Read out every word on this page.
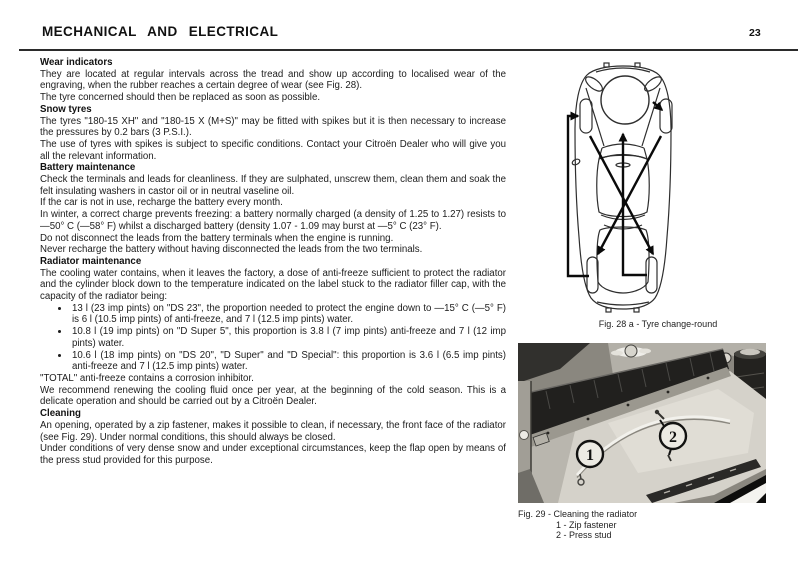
MECHANICAL AND ELECTRICAL	23
Wear indicators

They are located at regular intervals across the tread and show up according to localised wear of the engraving, when the rubber reaches a certain degree of wear (see Fig. 28).

The tyre concerned should then be replaced as soon as possible.

Snow tyres

The tyres "180-15 XH" and "180-15 X (M+S)" may be fitted with spikes but it is then necessary to increase the pressures by 0.2 bars (3 P.S.I.).

The use of tyres with spikes is subject to specific conditions. Contact your Citroën Dealer who will give you all the relevant information.

Battery maintenance

Check the terminals and leads for cleanliness. If they are sulphated, unscrew them, clean them and soak the felt insulating washers in castor oil or in neutral vaseline oil.

If the car is not in use, recharge the battery every month.

In winter, a correct charge prevents freezing: a battery normally charged (a density of 1.25 to 1.27) resists to —50° C (—58° F) whilst a discharged battery (density 1.07 - 1.09 may burst at —5° C (23° F).

Do not disconnect the leads from the battery terminals when the engine is running.

Never recharge the battery without having disconnected the leads from the two terminals.

Radiator maintenance

The cooling water contains, when it leaves the factory, a dose of anti-freeze sufficient to protect the radiator and the cylinder block down to the temperature indicated on the label stuck to the radiator filler cap, with the capacity of the radiator being:

• 13 l (23 imp pints) on "DS 23", the proportion needed to protect the engine down to —15° C (—5° F) is 6 l (10.5 imp pints) of anti-freeze, and 7 l (12.5 imp pints) water.
• 10.8 l (19 imp pints) on "D Super 5", this proportion is 3.8 l (7 imp pints) anti-freeze and 7 l (12 imp pints) water.
• 10.6 l (18 imp pints) on "DS 20", "D Super" and "D Special": this proportion is 3.6 l (6.5 imp pints) anti-freeze and 7 l (12.5 imp pints) water.

"TOTAL" anti-freeze contains a corrosion inhibitor.

We recommend renewing the cooling fluid once per year, at the beginning of the cold season. This is a delicate operation and should be carried out by a Citroën Dealer.

Cleaning

An opening, operated by a zip fastener, makes it possible to clean, if necessary, the front face of the radiator (see Fig. 29). Under normal conditions, this should always be closed.

Under conditions of very dense snow and under exceptional circumstances, keep the flap open by means of the press stud provided for this purpose.

Fig. 28 a - Tyre change-round
1
2
Fig. 29 - Cleaning the radiator
1 - Zip fastener
2 - Press stud
